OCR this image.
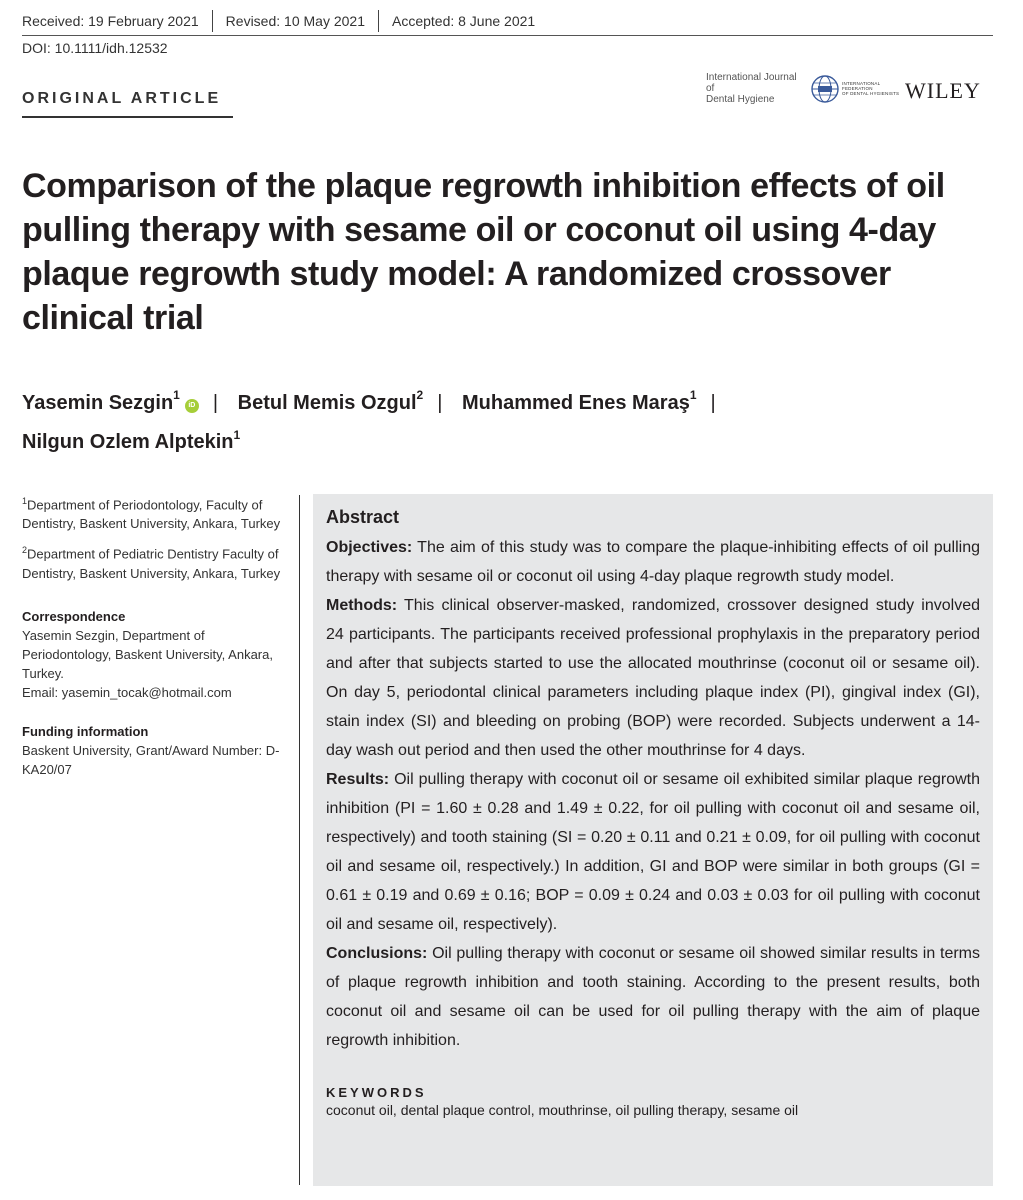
Received: 19 February 2021 Revised: 10 May 2021 Accepted: 8 June 2021
DOI: 10.1111/idh.12532
ORIGINAL ARTICLE
International Journal of
Dental Hygiene
INTERNATIONAL FEDERATION
OF DENTAL HYGIENISTS WILEY
Comparison of the plaque regrowth inhibition effects of oil pulling therapy with sesame oil or coconut oil using 4-day plaque regrowth study model: A randomized crossover clinical trial
Yasemin Sezgin$^1$iD | Betul Memis Ozgul$^2$ | Muhammed Enes Maraş$^1$ |
Nilgun Ozlem Alptekin$^1$

$^1$Department of Periodontology, Faculty of Dentistry, Baskent University, Ankara, Turkey

$^2$Department of Pediatric Dentistry Faculty of Dentistry, Baskent University, Ankara, Turkey

Correspondence
Yasemin Sezgin, Department of Periodontology, Baskent University, Ankara, Turkey.
Email: yasemin_tocak@hotmail.com
Funding information
Baskent University, Grant/Award Number: D-KA20/07
Abstract

Objectives: The aim of this study was to compare the plaque-inhibiting effects of oil pulling therapy with sesame oil or coconut oil using 4-day plaque regrowth study model.

Methods: This clinical observer-masked, randomized, crossover designed study involved 24 participants. The participants received professional prophylaxis in the preparatory period and after that subjects started to use the allocated mouthrinse (coconut oil or sesame oil). On day 5, periodontal clinical parameters including plaque index (PI), gingival index (GI), stain index (SI) and bleeding on probing (BOP) were recorded. Subjects underwent a 14-day wash out period and then used the other mouthrinse for 4 days.

Results: Oil pulling therapy with coconut oil or sesame oil exhibited similar plaque regrowth inhibition (PI = 1.60 ± 0.28 and 1.49 ± 0.22, for oil pulling with coconut oil and sesame oil, respectively) and tooth staining (SI = 0.20 ± 0.11 and 0.21 ± 0.09, for oil pulling with coconut oil and sesame oil, respectively.) In addition, GI and BOP were similar in both groups (GI = 0.61 ± 0.19 and 0.69 ± 0.16; BOP = 0.09 ± 0.24 and 0.03 ± 0.03 for oil pulling with coconut oil and sesame oil, respectively).

Conclusions: Oil pulling therapy with coconut or sesame oil showed similar results in terms of plaque regrowth inhibition and tooth staining. According to the present results, both coconut oil and sesame oil can be used for oil pulling therapy with the aim of plaque regrowth inhibition.

KEYWORDS
coconut oil, dental plaque control, mouthrinse, oil pulling therapy, sesame oil
